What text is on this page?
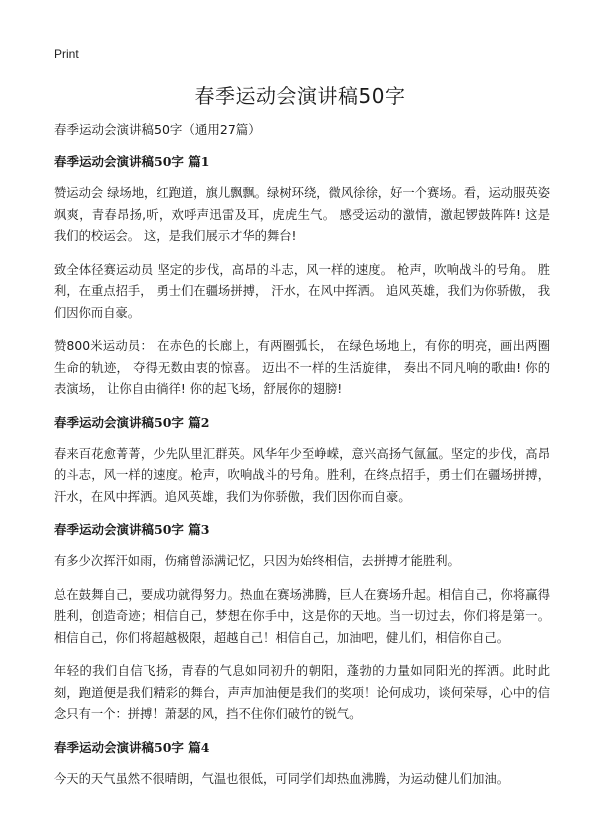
Print
春季运动会演讲稿50字

春季运动会演讲稿50字（通用27篇）

春季运动会演讲稿50字 篇1

赞运动会 绿场地，红跑道，旗儿飘飘。绿树环绕，微风徐徐，好一个赛场。看，运动服英姿飒爽，青春昂扬,听，欢呼声迅雷及耳，虎虎生气。 感受运动的激情，激起锣鼓阵阵! 这是我们的校运会。 这，是我们展示才华的舞台!

致全体径赛运动员 坚定的步伐，高昂的斗志，风一样的速度。 枪声，吹响战斗的号角。 胜利，在重点招手， 勇士们在疆场拼搏， 汗水，在风中挥洒。 追风英雄，我们为你骄傲， 我们因你而自豪。

赞800米运动员： 在赤色的长廊上，有两圈弧长， 在绿色场地上，有你的明亮，画出两圈生命的轨迹， 夺得无数由衷的惊喜。 迈出不一样的生活旋律， 奏出不同凡响的歌曲! 你的表演场， 让你自由徜徉! 你的起飞场，舒展你的翅膀!

春季运动会演讲稿50字 篇2

春来百花愈菁菁，少先队里汇群英。风华年少至峥嵘，意兴高扬气氤氲。坚定的步伐，高昂的斗志，风一样的速度。枪声，吹响战斗的号角。胜利，在终点招手，勇士们在疆场拼搏，汗水，在风中挥洒。追风英雄，我们为你骄傲，我们因你而自豪。

春季运动会演讲稿50字 篇3

有多少次挥汗如雨，伤痛曾添满记忆，只因为始终相信，去拼搏才能胜利。

总在鼓舞自己，要成功就得努力。热血在赛场沸腾，巨人在赛场升起。相信自己，你将赢得胜利，创造奇迹；相信自己，梦想在你手中，这是你的天地。当一切过去，你们将是第一。相信自己，你们将超越极限，超越自己！相信自己，加油吧，健儿们，相信你自己。

年轻的我们自信飞扬，青春的气息如同初升的朝阳，蓬勃的力量如同阳光的挥洒。此时此刻，跑道便是我们精彩的舞台，声声加油便是我们的奖项！论何成功，谈何荣辱，心中的信念只有一个：拼搏！萧瑟的风，挡不住你们破竹的锐气。

春季运动会演讲稿50字 篇4

今天的天气虽然不很晴朗，气温也很低，可同学们却热血沸腾，为运动健儿们加油。
